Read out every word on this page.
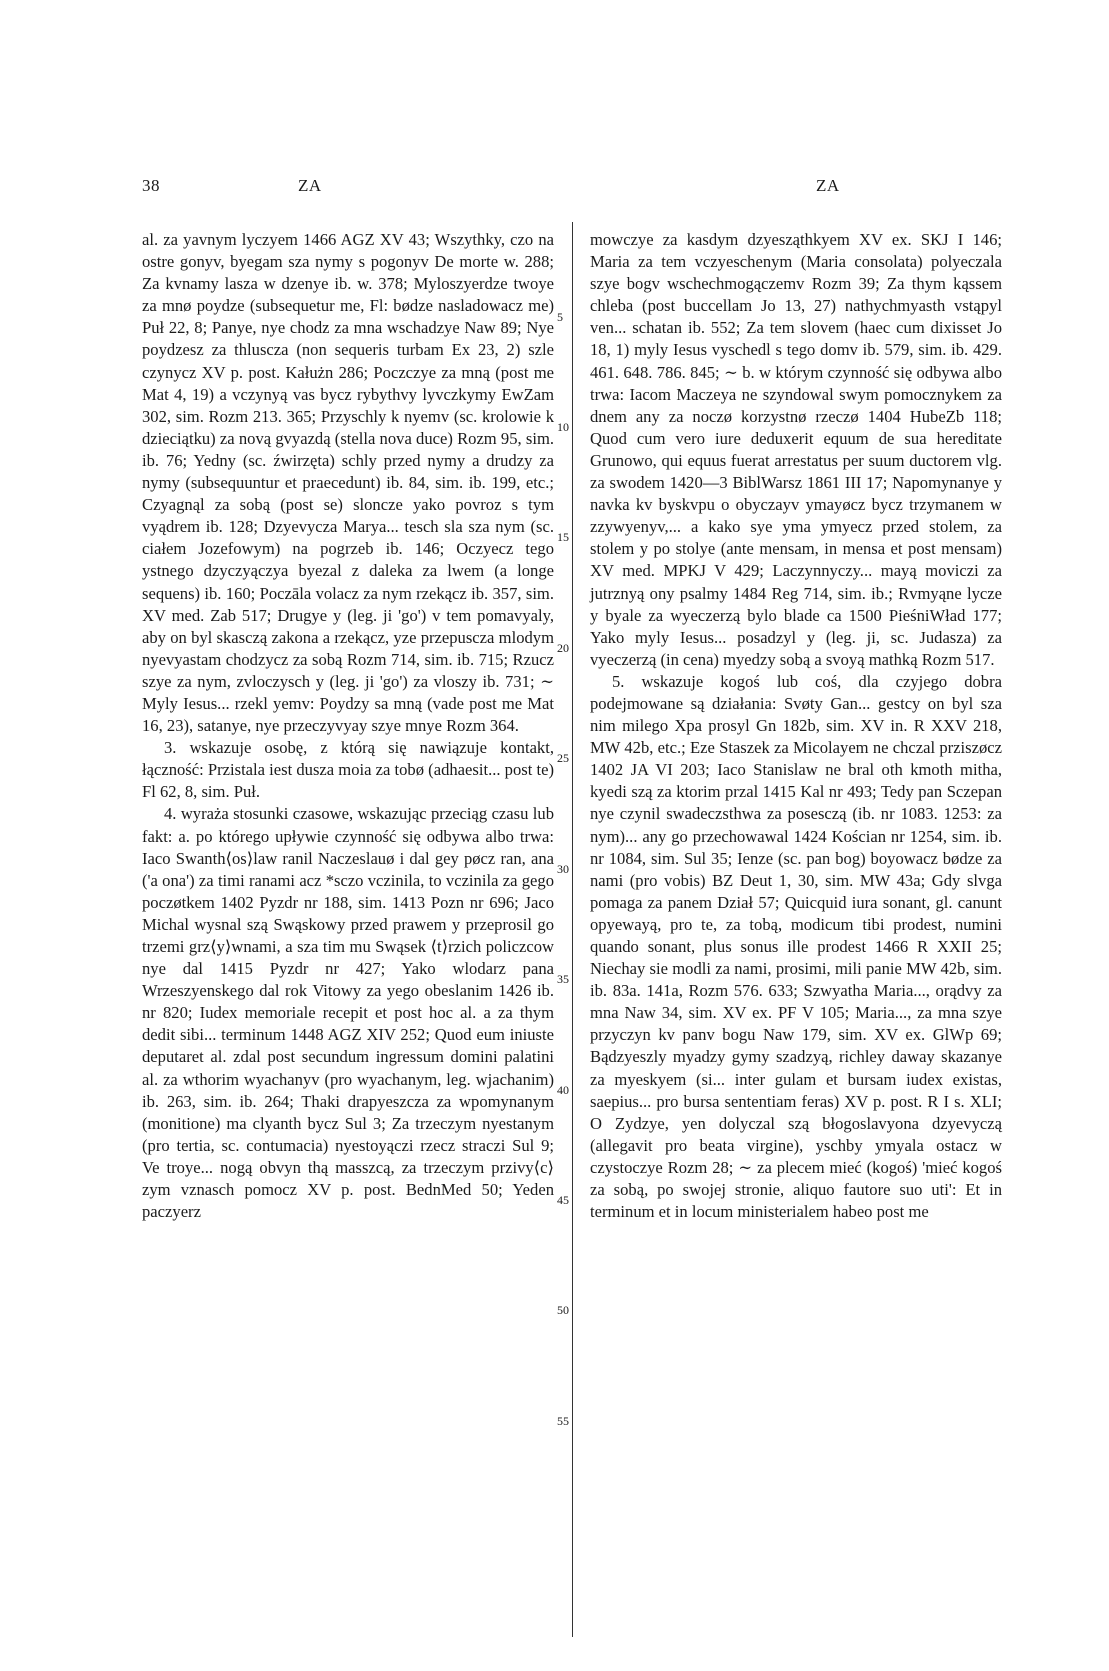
38	ZA	ZA

al. za yavnym lyczyem 1466 AGZ XV 43; Wszythky, czo na ostre gonyv, byegam sza nymy s pogonyv De morte w. 288; Za kvnamy lasza w dzenye ib. w. 378; Myloszyerdze twoye za mnø poydze (subsequetur me, Fl: bødze nasladowacz me) Puł 22, 8; Panye, nye chodz za mna wschadzye Naw 89; Nye poydzesz za thluscza (non sequeris turbam Ex 23, 2) szle czynycz XV p. post. Kałużn 286; Poczczye za mną (post me Mat 4, 19) a vczynyą vas bycz rybythvy lyvczkymy EwZam 302, sim. Rozm 213. 365; Przyschly k nyemv (sc. krolowie k dzieciątku) za novą gvyazdą (stella nova duce) Rozm 95, sim. ib. 76; Yedny (sc. źwirzęta) schly przed nymy a drudzy za nymy (subsequuntur et praecedunt) ib. 84, sim. ib. 199, etc.; Czyagnąl za sobą (post se) sloncze yako povroz s tym vyądrem ib. 128; Dzyevycza Marya... tesch sla sza nym (sc. ciałem Jozefowym) na pogrzeb ib. 146; Oczyecz tego ystnego dzyczyączya byezal z daleka za lwem (a longe sequens) ib. 160; Poczāla volacz za nym rzekącz ib. 357, sim. XV med. Zab 517; Drugye y (leg. ji 'go') v tem pomavyaly, aby on byl skasczą zakona a rzekącz, yze przepuscza mlodym nyevyastam chodzycz za sobą Rozm 714, sim. ib. 715; Rzucz szye za nym, zvloczysch y (leg. ji 'go') za vloszy ib. 731; ∼ Myly Iesus... rzekl yemv: Poydzy sa mną (vade post me Mat 16, 23), satanye, nye przeczyvyay szye mnye Rozm 364.

3. wskazuje osobę, z którą się nawiązuje kontakt, łączność: Przistala iest dusza moia za tobø (adhaesit... post te) Fl 62, 8, sim. Puł.

4. wyraża stosunki czasowe, wskazując przeciąg czasu lub fakt: a. po którego upływie czynność się odbywa albo trwa: Iaco Swanth⟨os⟩law ranil Naczeslauø i dal gey pøcz ran, ana ('a ona') za timi ranami acz *sczo vczinila, to vczinila za gego poczøtkem 1402 Pyzdr nr 188, sim. 1413 Pozn nr 696; Jaco Michal wysnal szą Swąskowy przed prawem y przeprosil go trzemi grz⟨y⟩wnami, a sza tim mu Swąsek ⟨t⟩rzich policzcow nye dal 1415 Pyzdr nr 427; Yako wlodarz pana Wrzeszyenskego dal rok Vitowy za yego obeslanim 1426 ib. nr 820; Iudex memoriale recepit et post hoc al. a za thym dedit sibi... terminum 1448 AGZ XIV 252; Quod eum iniuste deputaret al. zdal post secundum ingressum domini palatini al. za wthorim wyachanyv (pro wyachanym, leg. wjachanim) ib. 263, sim. ib. 264; Thaki drapyeszcza za wpomynanym (monitione) ma clyanth bycz Sul 3; Za trzeczym nyestanym (pro tertia, sc. contumacia) nyestoyączi rzecz straczi Sul 9; Ve troye... nogą obvyn thą masszcą, za trzeczym przivy⟨c⟩zym vznasch pomocz XV p. post. BednMed 50; Yeden paczyerz

5
10
15
20
25
30
35
40
45
50
55

mowczye za kasdym dzyesząthkyem XV ex. SKJ I 146; Maria za tem vczyeschenym (Maria consolata) polyeczala szye bogv wschechmogączemv Rozm 39; Za thym kąssem chleba (post buccellam Jo 13, 27) nathychmyasth vstąpyl ven... schatan ib. 552; Za tem slovem (haec cum dixisset Jo 18, 1) myly Iesus vyschedl s tego domv ib. 579, sim. ib. 429. 461. 648. 786. 845; ∼ b. w którym czynność się odbywa albo trwa: Iacom Maczeya ne szyndowal swym pomocznykem za dnem any za noczø korzystnø rzeczø 1404 HubeZb 118; Quod cum vero iure deduxerit equum de sua hereditate Grunowo, qui equus fuerat arrestatus per suum ductorem vlg. za swodem 1420—3 BiblWarsz 1861 III 17; Napomynanye y navka kv byskvpu o obyczayv ymayøcz bycz trzymanem w zzywyenyv,... a kako sye yma ymyecz przed stolem, za stolem y po stolye (ante mensam, in mensa et post mensam) XV med. MPKJ V 429; Laczynnyczy... mayą moviczi za jutrznyą ony psalmy 1484 Reg 714, sim. ib.; Rvmyąne lycze y byale za wyeczerzą bylo blade ca 1500 PieśniWład 177; Yako myly Iesus... posadzyl y (leg. ji, sc. Judasza) za vyeczerzą (in cena) myedzy sobą a svoyą mathką Rozm 517.

5. wskazuje kogoś lub coś, dla czyjego dobra podejmowane są działania: Svøty Gan... gestcy on byl sza nim milego Xpa prosyl Gn 182b, sim. XV in. R XXV 218, MW 42b, etc.; Eze Staszek za Micolayem ne chczal prziszøcz 1402 JA VI 203; Iaco Stanislaw ne bral oth kmoth mitha, kyedi szą za ktorim przal 1415 Kal nr 493; Tedy pan Sczepan nye czynil swadeczsthwa za posesczą (ib. nr 1083. 1253: za nym)... any go przechowawal 1424 Kościan nr 1254, sim. ib. nr 1084, sim. Sul 35; Ienze (sc. pan bog) boyowacz bødze za nami (pro vobis) BZ Deut 1, 30, sim. MW 43a; Gdy slvga pomaga za panem Dział 57; Quicquid iura sonant, gl. canunt opyewayą, pro te, za tobą, modicum tibi prodest, numini quando sonant, plus sonus ille prodest 1466 R XXII 25; Niechay sie modli za nami, prosimi, mili panie MW 42b, sim. ib. 83a. 141a, Rozm 576. 633; Szwyatha Maria..., orądvy za mna Naw 34, sim. XV ex. PF V 105; Maria..., za mna szye przyczyn kv panv bogu Naw 179, sim. XV ex. GlWp 69; Bądzyeszly myadzy gymy szadzyą, richley daway skazanye za myeskyem (si... inter gulam et bursam iudex existas, saepius... pro bursa sententiam feras) XV p. post. R I s. XLI; O Zydzye, yen dolyczal szą błogoslavyona dzyevyczą (allegavit pro beata virgine), yschby ymyala ostacz w czystoczye Rozm 28; ∼ za plecem mieć (kogoś) 'mieć kogoś za sobą, po swojej stronie, aliquo fautore suo uti': Et in terminum et in locum ministerialem habeo post me
